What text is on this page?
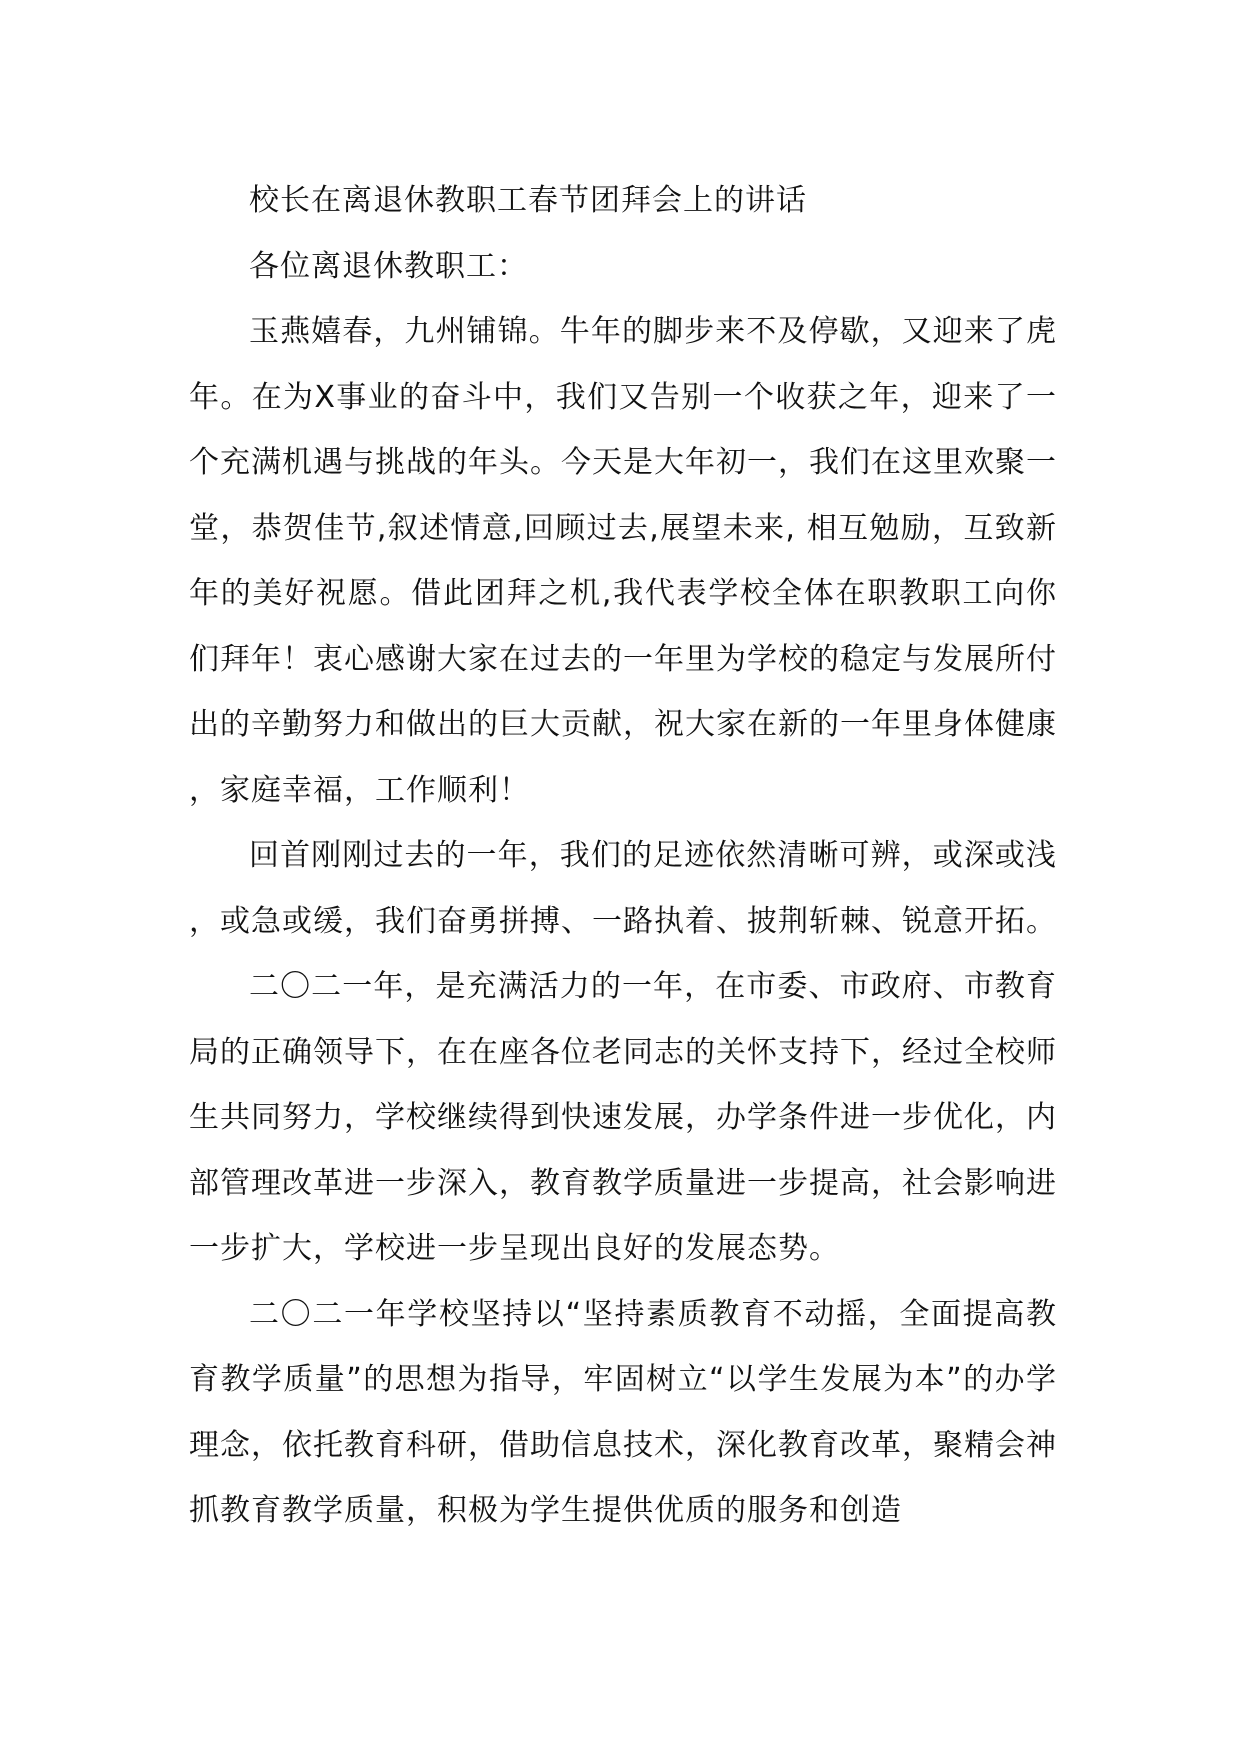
校长在离退休教职工春节团拜会上的讲话

各位离退休教职工：

玉燕嬉春，九州铺锦。牛年的脚步来不及停歇，又迎来了虎年。在为X事业的奋斗中，我们又告别一个收获之年，迎来了一个充满机遇与挑战的年头。今天是大年初一，我们在这里欢聚一堂，恭贺佳节,叙述情意,回顾过去,展望未来, 相互勉励，互致新年的美好祝愿。借此团拜之机,我代表学校全体在职教职工向你们拜年！衷心感谢大家在过去的一年里为学校的稳定与发展所付出的辛勤努力和做出的巨大贡献，祝大家在新的一年里身体健康，家庭幸福，工作顺利！

回首刚刚过去的一年，我们的足迹依然清晰可辨，或深或浅，或急或缓，我们奋勇拼搏、一路执着、披荆斩棘、锐意开拓。

二〇二一年，是充满活力的一年，在市委、市政府、市教育局的正确领导下，在在座各位老同志的关怀支持下，经过全校师生共同努力，学校继续得到快速发展，办学条件进一步优化，内部管理改革进一步深入，教育教学质量进一步提高，社会影响进一步扩大，学校进一步呈现出良好的发展态势。

二〇二一年学校坚持以“坚持素质教育不动摇，全面提高教育教学质量”的思想为指导，牢固树立“以学生发展为本”的办学理念，依托教育科研，借助信息技术，深化教育改革，聚精会神抓教育教学质量，积极为学生提供优质的服务和创造
